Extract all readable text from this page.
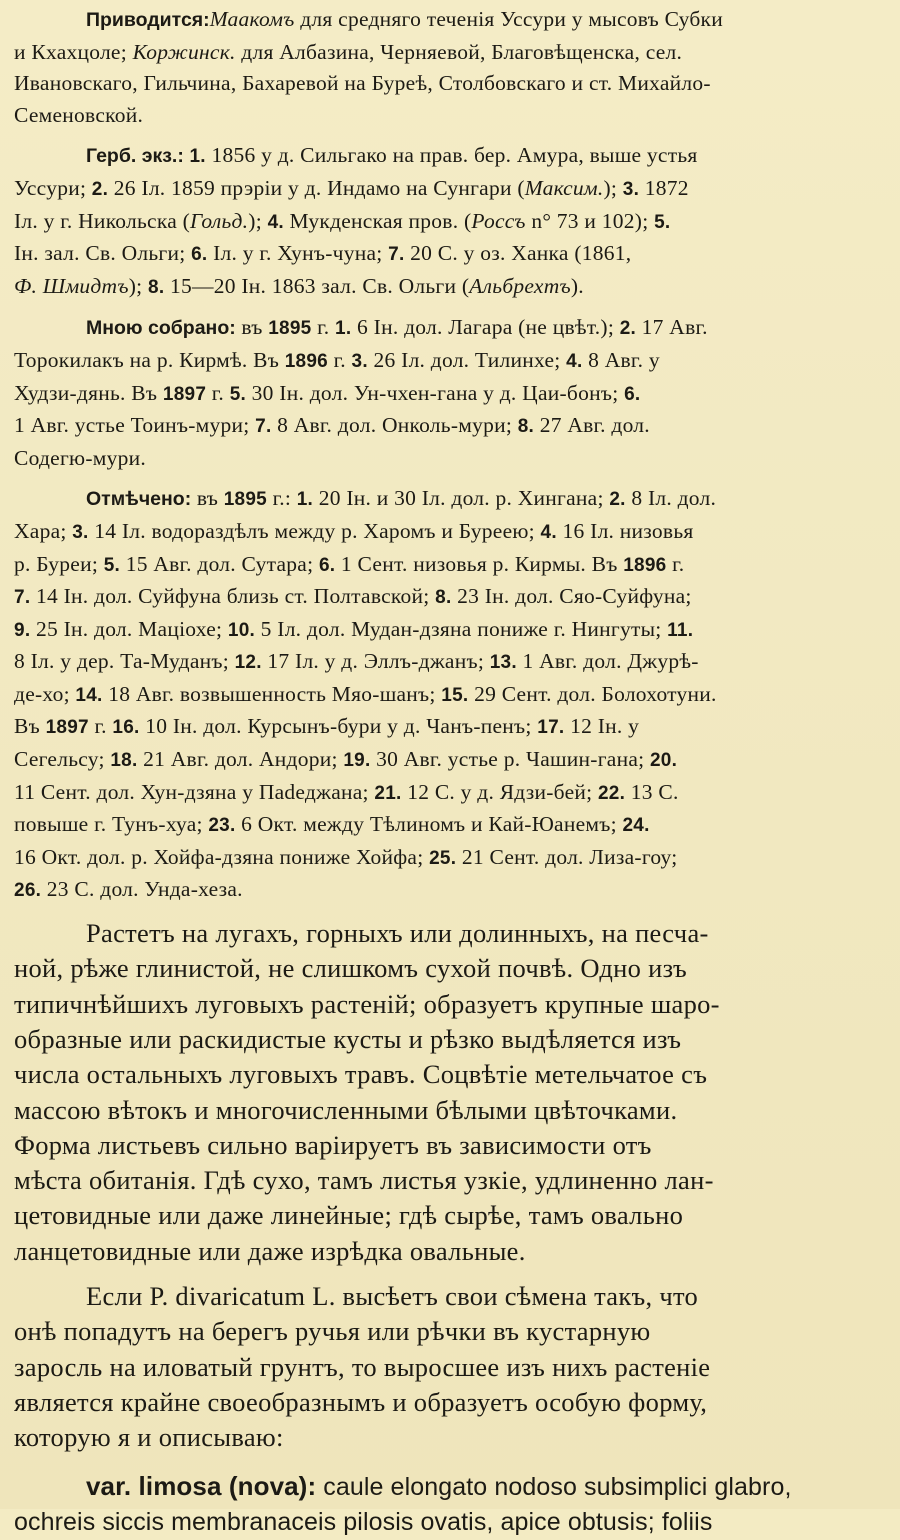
Приводится:Маакомъ для средняго теченія Уссури у мысовъ Субки
и Кхахцоле; Коржинск. для Албазина, Черняевой, Благовѣщенска, сел.
Ивановскаго, Гильчина, Бахаревой на Буреѣ, Столбовскаго и ст. Михайло-
Семеновской.
Герб. экз.: 1. 1856 у д. Сильгако на прав. бер. Амура, выше устья
Уссури; 2. 26 Іл. 1859 прэріи у д. Индамо на Сунгари (Максим.); 3. 1872
Іл. у г. Никольска (Гольд.); 4. Мукденская пров. (Россъ n° 73 и 102); 5.
Ін. зал. Св. Ольги; 6. Іл. у г. Хунъ-чуна; 7. 20 С. у оз. Ханка (1861,
Ф. Шмидтъ); 8. 15—20 Ін. 1863 зал. Св. Ольги (Альбрехтъ).
Мною собрано: въ 1895 г. 1. 6 Ін. дол. Лагара (не цвѣт.); 2. 17 Авг.
Торокилакъ на р. Кирмѣ. Въ 1896 г. 3. 26 Іл. дол. Тилинхе; 4. 8 Авг. у
Худзи-дянь. Въ 1897 г. 5. 30 Ін. дол. Ун-чхен-гана у д. Цаи-бонъ; 6.
1 Авг. устье Тоинъ-мури; 7. 8 Авг. дол. Онколь-мури; 8. 27 Авг. дол.
Содегю-мури.
Отмѣчено: въ 1895 г.: 1. 20 Ін. и 30 Іл. дол. р. Хингана; 2. 8 Іл. дол.
Хара; 3. 14 Іл. водораздѣлъ между р. Харомъ и Буреею; 4. 16 Іл. низовья
р. Буреи; 5. 15 Авг. дол. Сутара; 6. 1 Сент. низовья р. Кирмы. Въ 1896 г.
7. 14 Ін. дол. Суйфуна близь ст. Полтавской; 8. 23 Ін. дол. Сяо-Суйфуна;
9. 25 Ін. дол. Маціохе; 10. 5 Іл. дол. Мудан-дзяна пониже г. Нингуты; 11.
8 Іл. у дер. Та-Муданъ; 12. 17 Іл. у д. Эллъ-джанъ; 13. 1 Авг. дол. Джурѣ-
де-хо; 14. 18 Авг. возвышенность Мяо-шанъ; 15. 29 Сент. дол. Болохотуни.
Въ 1897 г. 16. 10 Ін. дол. Курсынъ-бури у д. Чанъ-пенъ; 17. 12 Ін. у
Сегельсу; 18. 21 Авг. дол. Андори; 19. 30 Авг. устье р. Чашин-гана; 20.
11 Сент. дол. Хун-дзяна у Паdеджана; 21. 12 С. у д. Ядзи-бей; 22. 13 С.
повыше г. Тунъ-хуа; 23. 6 Окт. между Тѣлиномъ и Кай-Юанемъ; 24.
16 Окт. дол. р. Хойфа-дзяна пониже Хойфа; 25. 21 Сент. дол. Лиза-гоу;
26. 23 С. дол. Унда-хеза.
Растетъ на лугахъ, горныхъ или долинныхъ, на песча-
ной, рѣже глинистой, не слишкомъ сухой почвѣ. Одно изъ
типичнѣйшихъ луговыхъ растеній; образуетъ крупные шаро-
образные или раскидистые кусты и рѣзко выдѣляется изъ
числа остальныхъ луговыхъ травъ. Соцвѣтіе метельчатое съ
массою вѣтокъ и многочисленными бѣлыми цвѣточками.
Форма листьевъ сильно варіируетъ въ зависимости отъ
мѣста обитанія. Гдѣ сухо, тамъ листья узкіе, удлиненно лан-
цетовидные или даже линейные; гдѣ сырѣе, тамъ овально
ланцетовидные или даже изрѣдка овальные.
Если P. divaricatum L. высѣетъ свои сѣмена такъ, что
онѣ попадутъ на берегъ ручья или рѣчки въ кустарную
заросль на иловатый грунтъ, то выросшее изъ нихъ растеніе
является крайне своеобразнымъ и образуетъ особую форму,
которую я и описываю:
var. limosa (nova): caule elongato nodoso subsimplici glabro,
ochreis siccis membranaceis pilosis ovatis, apice obtusis; foliis
